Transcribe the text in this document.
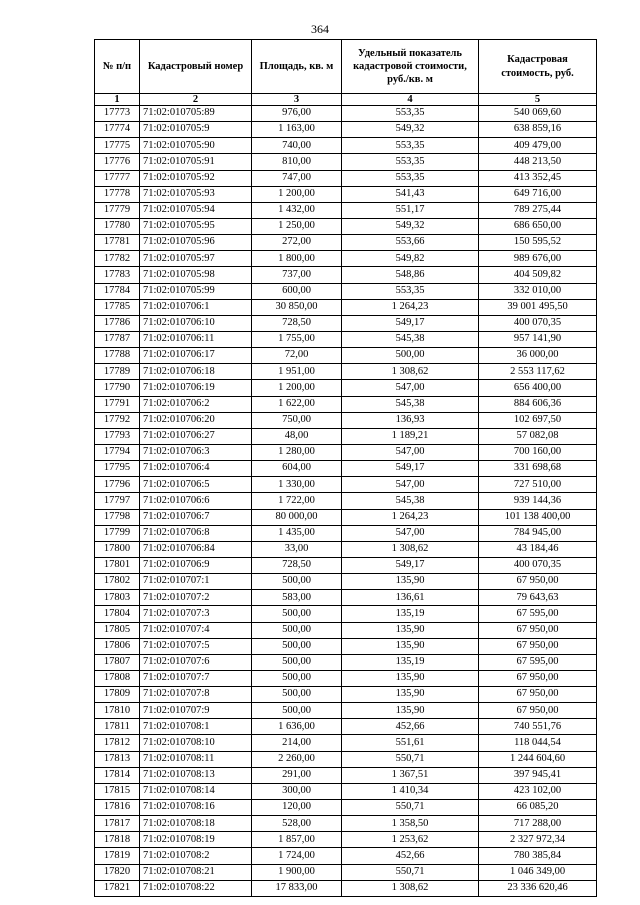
364
№ п/п	Кадастровый номер	Площадь, кв. м	Удельный показатель кадастровой стоимости, руб./кв. м	Кадастровая стоимость, руб.
1	2	3	4	5
17773	71:02:010705:89	976,00	553,35	540 069,60
17774	71:02:010705:9	1 163,00	549,32	638 859,16
17775	71:02:010705:90	740,00	553,35	409 479,00
17776	71:02:010705:91	810,00	553,35	448 213,50
17777	71:02:010705:92	747,00	553,35	413 352,45
17778	71:02:010705:93	1 200,00	541,43	649 716,00
17779	71:02:010705:94	1 432,00	551,17	789 275,44
17780	71:02:010705:95	1 250,00	549,32	686 650,00
17781	71:02:010705:96	272,00	553,66	150 595,52
17782	71:02:010705:97	1 800,00	549,82	989 676,00
17783	71:02:010705:98	737,00	548,86	404 509,82
17784	71:02:010705:99	600,00	553,35	332 010,00
17785	71:02:010706:1	30 850,00	1 264,23	39 001 495,50
17786	71:02:010706:10	728,50	549,17	400 070,35
17787	71:02:010706:11	1 755,00	545,38	957 141,90
17788	71:02:010706:17	72,00	500,00	36 000,00
17789	71:02:010706:18	1 951,00	1 308,62	2 553 117,62
17790	71:02:010706:19	1 200,00	547,00	656 400,00
17791	71:02:010706:2	1 622,00	545,38	884 606,36
17792	71:02:010706:20	750,00	136,93	102 697,50
17793	71:02:010706:27	48,00	1 189,21	57 082,08
17794	71:02:010706:3	1 280,00	547,00	700 160,00
17795	71:02:010706:4	604,00	549,17	331 698,68
17796	71:02:010706:5	1 330,00	547,00	727 510,00
17797	71:02:010706:6	1 722,00	545,38	939 144,36
17798	71:02:010706:7	80 000,00	1 264,23	101 138 400,00
17799	71:02:010706:8	1 435,00	547,00	784 945,00
17800	71:02:010706:84	33,00	1 308,62	43 184,46
17801	71:02:010706:9	728,50	549,17	400 070,35
17802	71:02:010707:1	500,00	135,90	67 950,00
17803	71:02:010707:2	583,00	136,61	79 643,63
17804	71:02:010707:3	500,00	135,19	67 595,00
17805	71:02:010707:4	500,00	135,90	67 950,00
17806	71:02:010707:5	500,00	135,90	67 950,00
17807	71:02:010707:6	500,00	135,19	67 595,00
17808	71:02:010707:7	500,00	135,90	67 950,00
17809	71:02:010707:8	500,00	135,90	67 950,00
17810	71:02:010707:9	500,00	135,90	67 950,00
17811	71:02:010708:1	1 636,00	452,66	740 551,76
17812	71:02:010708:10	214,00	551,61	118 044,54
17813	71:02:010708:11	2 260,00	550,71	1 244 604,60
17814	71:02:010708:13	291,00	1 367,51	397 945,41
17815	71:02:010708:14	300,00	1 410,34	423 102,00
17816	71:02:010708:16	120,00	550,71	66 085,20
17817	71:02:010708:18	528,00	1 358,50	717 288,00
17818	71:02:010708:19	1 857,00	1 253,62	2 327 972,34
17819	71:02:010708:2	1 724,00	452,66	780 385,84
17820	71:02:010708:21	1 900,00	550,71	1 046 349,00
17821	71:02:010708:22	17 833,00	1 308,62	23 336 620,46
